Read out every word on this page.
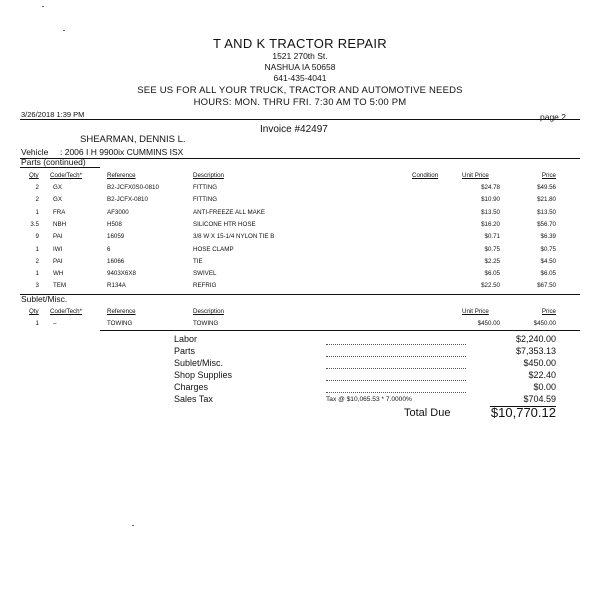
T AND K TRACTOR REPAIR
1521 270th St.
NASHUA IA 50658
641-435-4041
SEE US FOR ALL YOUR TRUCK, TRACTOR AND AUTOMOTIVE NEEDS
HOURS: MON. THRU FRI. 7:30 AM TO 5:00 PM
3/26/2018 1:39 PM	page 2
Invoice #42497
SHEARMAN, DENNIS L.
Vehicle : 2006 I H 9900ix CUMMINS ISX
Parts (continued)
Qty Code/Tech*	Reference	Description	Condition	Unit Price	Price
2 GX	B2-JCFX0S0-0810	FITTING	$24.78	$49.56
2 GX	B2-JCFX-0810	FITTING	$10.90	$21.80
1 FRA	AF3000	ANTI-FREEZE ALL MAKE	$13.50	$13.50
3.5 NBH	H508	SILICONE HTR HOSE	$16.20	$56.70
9 PAI	16059	3/8 W X 15-1/4 NYLON TIE B	$0.71	$6.39
1 IWI	6	HOSE CLAMP	$0.75	$0.75
2 PAI	16066	TIE	$2.25	$4.50
1 WH	9403X6X8	SWIVEL	$6.05	$6.05
3 TEM	R134A	REFRIG	$22.50	$67.50
Sublet/Misc.
Qty Code/Tech*	Reference	Description	Unit Price	Price
1 –	TOWING	TOWING	$450.00	$450.00
Labor	$2,240.00
Parts	$7,353.13
Sublet/Misc.	$450.00
Shop Supplies	$22.40
Charges	$0.00
Sales Tax	Tax @ $10,065.53 * 7.0000%	$704.59
Total Due	$10,770.12
